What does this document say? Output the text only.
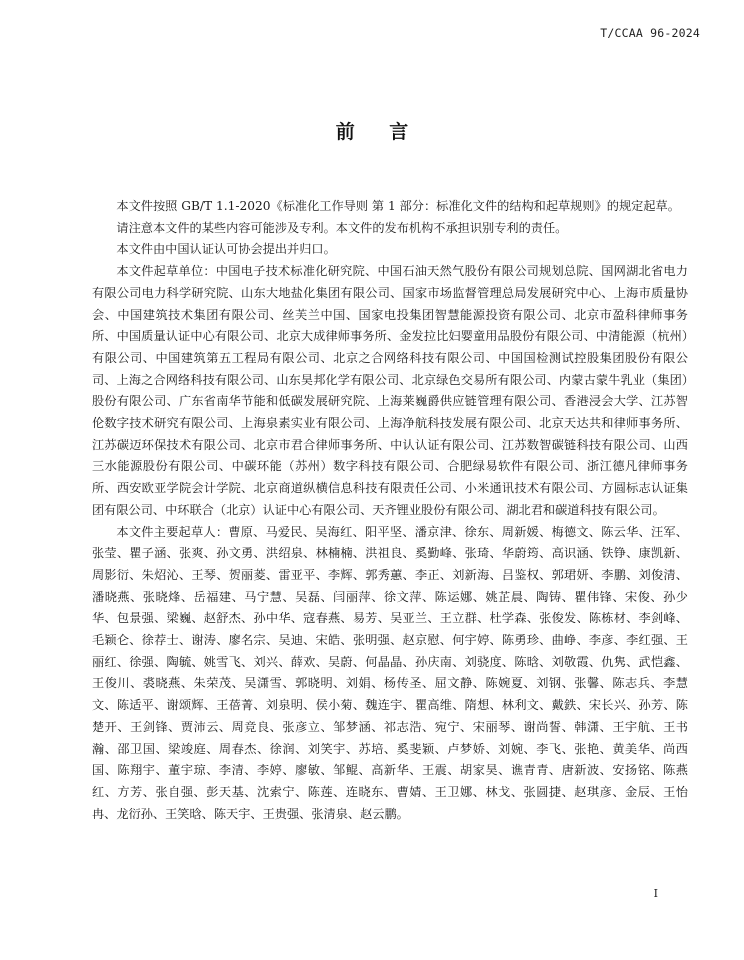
T/CCAA 96-2024
前 言

本文件按照 GB/T 1.1-2020《标准化工作导则 第 1 部分：标准化文件的结构和起草规则》的规定起草。

请注意本文件的某些内容可能涉及专利。本文件的发布机构不承担识别专利的责任。

本文件由中国认证认可协会提出并归口。

本文件起草单位：中国电子技术标准化研究院、中国石油天然气股份有限公司规划总院、国网湖北省电力有限公司电力科学研究院、山东大地盐化集团有限公司、国家市场监督管理总局发展研究中心、上海市质量协会、中国建筑技术集团有限公司、丝芙兰中国、国家电投集团智慧能源投资有限公司、北京市盈科律师事务所、中国质量认证中心有限公司、北京大成律师事务所、金发拉比妇婴童用品股份有限公司、中清能源（杭州）有限公司、中国建筑第五工程局有限公司、北京之合网络科技有限公司、中国国检测试控股集团股份有限公司、上海之合网络科技有限公司、山东昊邦化学有限公司、北京绿色交易所有限公司、内蒙古蒙牛乳业（集团）股份有限公司、广东省南华节能和低碳发展研究院、上海莱巍爵供应链管理有限公司、香港浸会大学、江苏智伦数字技术研究有限公司、上海泉素实业有限公司、上海净航科技发展有限公司、北京天达共和律师事务所、江苏碳迈环保技术有限公司、北京市君合律师事务所、中认认证有限公司、江苏数智碳链科技有限公司、山西三水能源股份有限公司、中碳环能（苏州）数字科技有限公司、合肥绿易软件有限公司、浙江德凡律师事务所、西安欧亚学院会计学院、北京商道纵横信息科技有限责任公司、小米通讯技术有限公司、方圆标志认证集团有限公司、中环联合（北京）认证中心有限公司、天齐锂业股份有限公司、湖北君和碳道科技有限公司。

本文件主要起草人：曹原、马爱民、吴海红、阳平坚、潘京津、徐东、周新媛、梅德文、陈云华、汪军、张莹、瞿子涵、张爽、孙文勇、洪绍泉、林楠楠、洪祖良、奚勤峰、张琦、华蔚筠、高识涵、铁铮、康凯新、周影衍、朱炤沁、王琴、贺丽菱、雷亚平、李辉、郭秀蕙、李正、刘新海、吕鉴权、郭珺妍、李鹏、刘俊清、潘晓燕、张晓烽、岳福建、马宁慧、吴磊、闫丽萍、徐文萍、陈运娜、姚芷晨、陶铸、瞿伟锋、宋俊、孙少华、包景强、梁巍、赵舒杰、孙中华、寇春燕、易芳、吴亚兰、王立群、杜学森、张俊发、陈栋材、李剑峰、毛颖仑、徐荐士、谢涛、廖名宗、吴迪、宋皓、张明强、赵京慰、何宇婷、陈勇珍、曲峥、李彦、李红强、王丽红、徐强、陶毓、姚雪飞、刘兴、薛欢、吴蔚、何晶晶、孙庆南、刘骁度、陈晗、刘敬霞、仇隽、武恺鑫、王俊川、裘晓燕、朱荣茂、吴潇雪、郭晓明、刘娟、杨传圣、屈文静、陈婉夏、刘钢、张馨、陈志兵、李慧文、陈适平、谢颂辉、王蓓菁、刘泉明、侯小菊、魏连宇、瞿高维、隋想、林利文、戴鉄、宋长兴、孙芳、陈楚开、王剑锋、贾沛云、周竞良、张彦立、邹梦涵、祁志浩、宛宁、宋丽琴、谢尚誓、韩潇、王宇航、王书瀚、邵卫国、梁竣庭、周春杰、徐润、刘笑宇、苏培、奚斐颖、卢梦娇、刘婉、李飞、张艳、黄美华、尚西国、陈翔宇、董宇琼、李清、李婷、廖敏、邹鲲、高新华、王震、胡家昊、谯青青、唐新波、安扬铭、陈燕红、方芳、张自强、彭天基、沈索宁、陈莲、连晓东、曹婧、王卫娜、林戈、张圆捷、赵琪彦、金辰、王怡冉、龙衍孙、王笑晗、陈天宇、王贵强、张清泉、赵云鹏。

I
